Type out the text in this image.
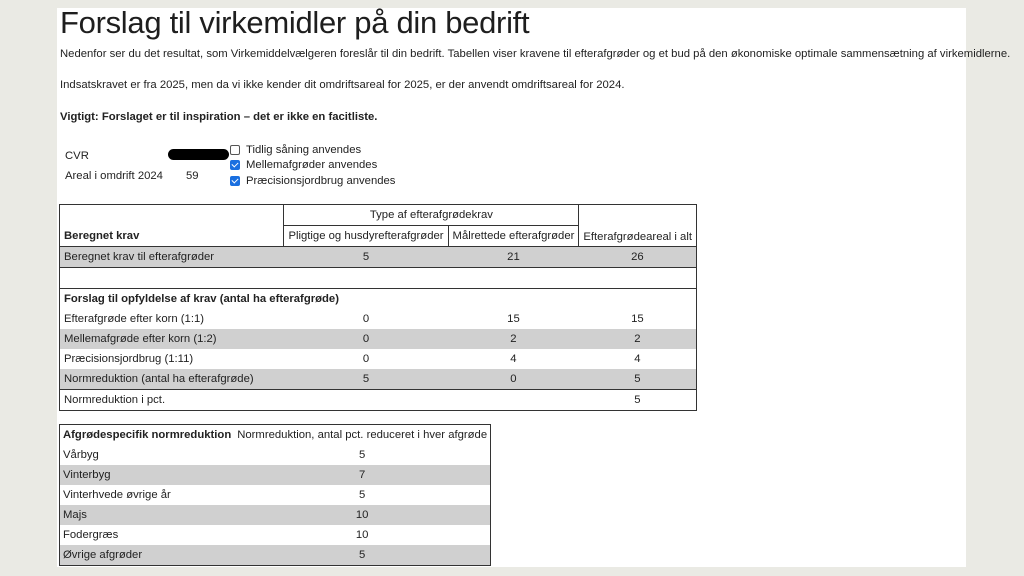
Forslag til virkemidler på din bedrift

Nedenfor ser du det resultat, som Virkemiddelvælgeren foreslår til din bedrift. Tabellen viser kravene til efterafgrøder og et bud på den økonomiske optimale sammensætning af virkemidlerne.

Indsatskravet er fra 2025, men da vi ikke kender dit omdriftsareal for 2025, er der anvendt omdriftsareal for 2024.

Vigtigt: Forslaget er til inspiration – det er ikke en facitliste.

CVR
Areal i omdrift 2024 59
Tidlig såning anvendes
Mellemafgrøder anvendes
Præcisionsjordbrug anvendes
	Type af efterafgrødekrav		Efterafgrødeareal i alt
Beregnet krav	Pligtige og husdyrefterafgrøder	Målrettede efterafgrøder	
Beregnet krav til efterafgrøder	5	21	26

Forslag til opfyldelse af krav (antal ha efterafgrøde)			
Efterafgrøde efter korn (1:1)	0	15	15
Mellemafgrøde efter korn (1:2)	0	2	2
Præcisionsjordbrug (1:11)	0	4	4
Normreduktion (antal ha efterafgrøde)	5	0	5
Normreduktion i pct.			5
Afgrødespecifik normreduktion	Normreduktion, antal pct. reduceret i hver afgrøde
Vårbyg	5
Vinterbyg	7
Vinterhvede øvrige år	5
Majs	10
Fodergræs	10
Øvrige afgrøder	5
